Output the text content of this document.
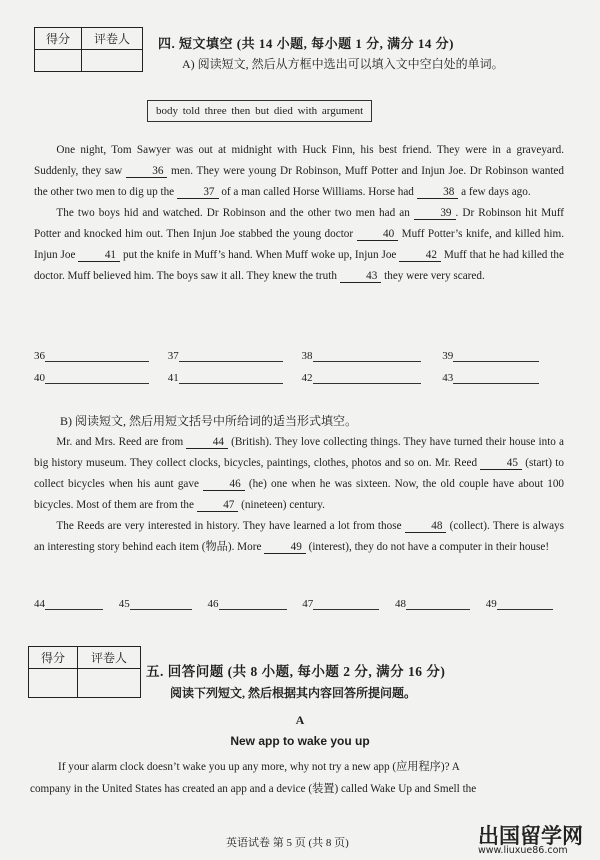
得分	评卷人
	四. 短文填空 (共 14 小题, 每小题 1 分, 满分 14 分)
A) 阅读短文, 然后从方框中选出可以填入文中空白处的单词。
body told three then but died with argument

One night, Tom Sawyer was out at midnight with Huck Finn, his best friend. They were in a graveyard. Suddenly, they saw 36 men. They were young Dr Robinson, Muff Potter and Injun Joe. Dr Robinson wanted the other two men to dig up the 37 of a man called Horse Williams. Horse had 38 a few days ago.

The two boys hid and watched. Dr Robinson and the other two men had an 39 . Dr Robinson hit Muff Potter and knocked him out. Then Injun Joe stabbed the young doctor 40 Muff Potter’s knife, and killed him. Injun Joe 41 put the knife in Muff’s hand. When Muff woke up, Injun Joe 42 Muff that he had killed the doctor. Muff believed him. The boys saw it all. They knew the truth 43 they were very scared.

36	37	38	39
40	41	42	43
B) 阅读短文, 然后用短文括号中所给词的适当形式填空。

Mr. and Mrs. Reed are from 44 (British). They love collecting things. They have turned their house into a big history museum. They collect clocks, bicycles, paintings, clothes, photos and so on. Mr. Reed 45 (start) to collect bicycles when his aunt gave 46 (he) one when he was sixteen. Now, the old couple have about 100 bicycles. Most of them are from the 47 (nineteen) century.

The Reeds are very interested in history. They have learned a lot from those 48 (collect). There is always an interesting story behind each item (物品). More 49 (interest), they do not have a computer in their house!

44	45	46	47	48	49
得分	评卷人

五. 回答问题 (共 8 小题, 每小题 2 分, 满分 16 分)
阅读下列短文, 然后根据其内容回答所提问题。
A
New app to wake you up
If your alarm clock doesn’t wake you up any more, why not try a new app (应用程序)? A
company in the United States has created an app and a device (装置) called Wake Up and Smell the
英语试卷 第 5 页 (共 8 页)	出国留学网
www.liuxue86.com
